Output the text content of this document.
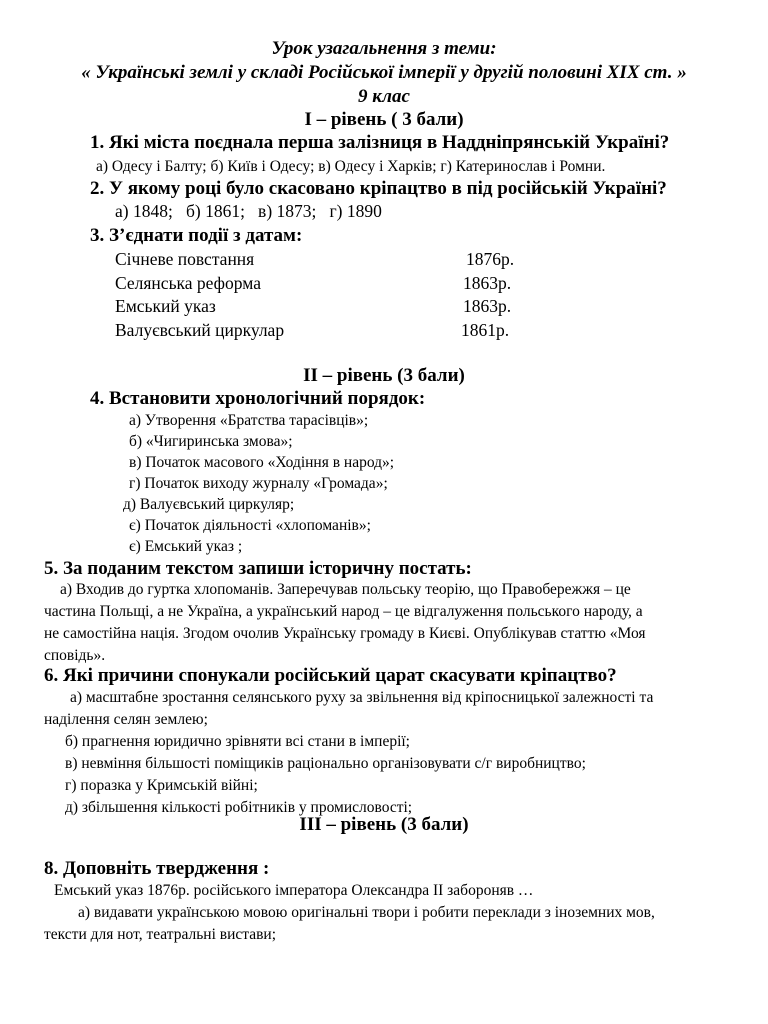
Урок узагальнення з теми:
« Українські землі у складі Російської імперії у другій половині XIX ст. »
9 клас
І – рівень ( 3 бали)
1. Які міста поєднала перша залізниця в Наддніпрянській Україні?
а) Одесу і Балту; б) Київ і Одесу; в) Одесу і Харків; г) Катеринослав і Ромни.
2. У якому році було скасовано кріпацтво в під російській Україні?
а) 1848;   б) 1861;   в) 1873;   г) 1890
3. З’єднати події з датам:
Січневе повстання	1876р.
Селянська реформа	1863р.
Емський указ	1863р.
Валуєвський циркулар	1861р.
ІІ – рівень (3 бали)
4. Встановити хронологічний порядок:
а) Утворення «Братства тарасівців»;
б) «Чигиринська змова»;
в) Початок масового «Ходіння в народ»;
г) Початок виходу журналу «Громада»;
д) Валуєвський циркуляр;
є) Початок діяльності «хлопоманів»;
є) Емський указ ;
5. За поданим текстом запиши історичну постать:
а) Входив до гуртка хлопоманів. Заперечував польську теорію, що Правобережжя – це
частина Польщі, а не Україна, а український народ – це відгалуження польського народу, а
не самостійна нація. Згодом очолив Українську громаду в Києві. Опублікував статтю «Моя
сповідь».
6. Які причини спонукали російський царат скасувати кріпацтво?
а) масштабне зростання селянського руху за звільнення від кріпосницької залежності та
наділення селян землею;
б) прагнення юридично зрівняти всі стани в імперії;
в) невміння більшості поміщиків раціонально організовувати с/г виробництво;
г) поразка у Кримській війні;
д) збільшення кількості робітників у промисловості;
ІІІ – рівень (3 бали)
8. Доповніть твердження :
Емський указ 1876р. російського імператора Олександра ІІ забороняв …
а) видавати українською мовою оригінальні твори і робити переклади з іноземних мов,
тексти для нот, театральні вистави;
